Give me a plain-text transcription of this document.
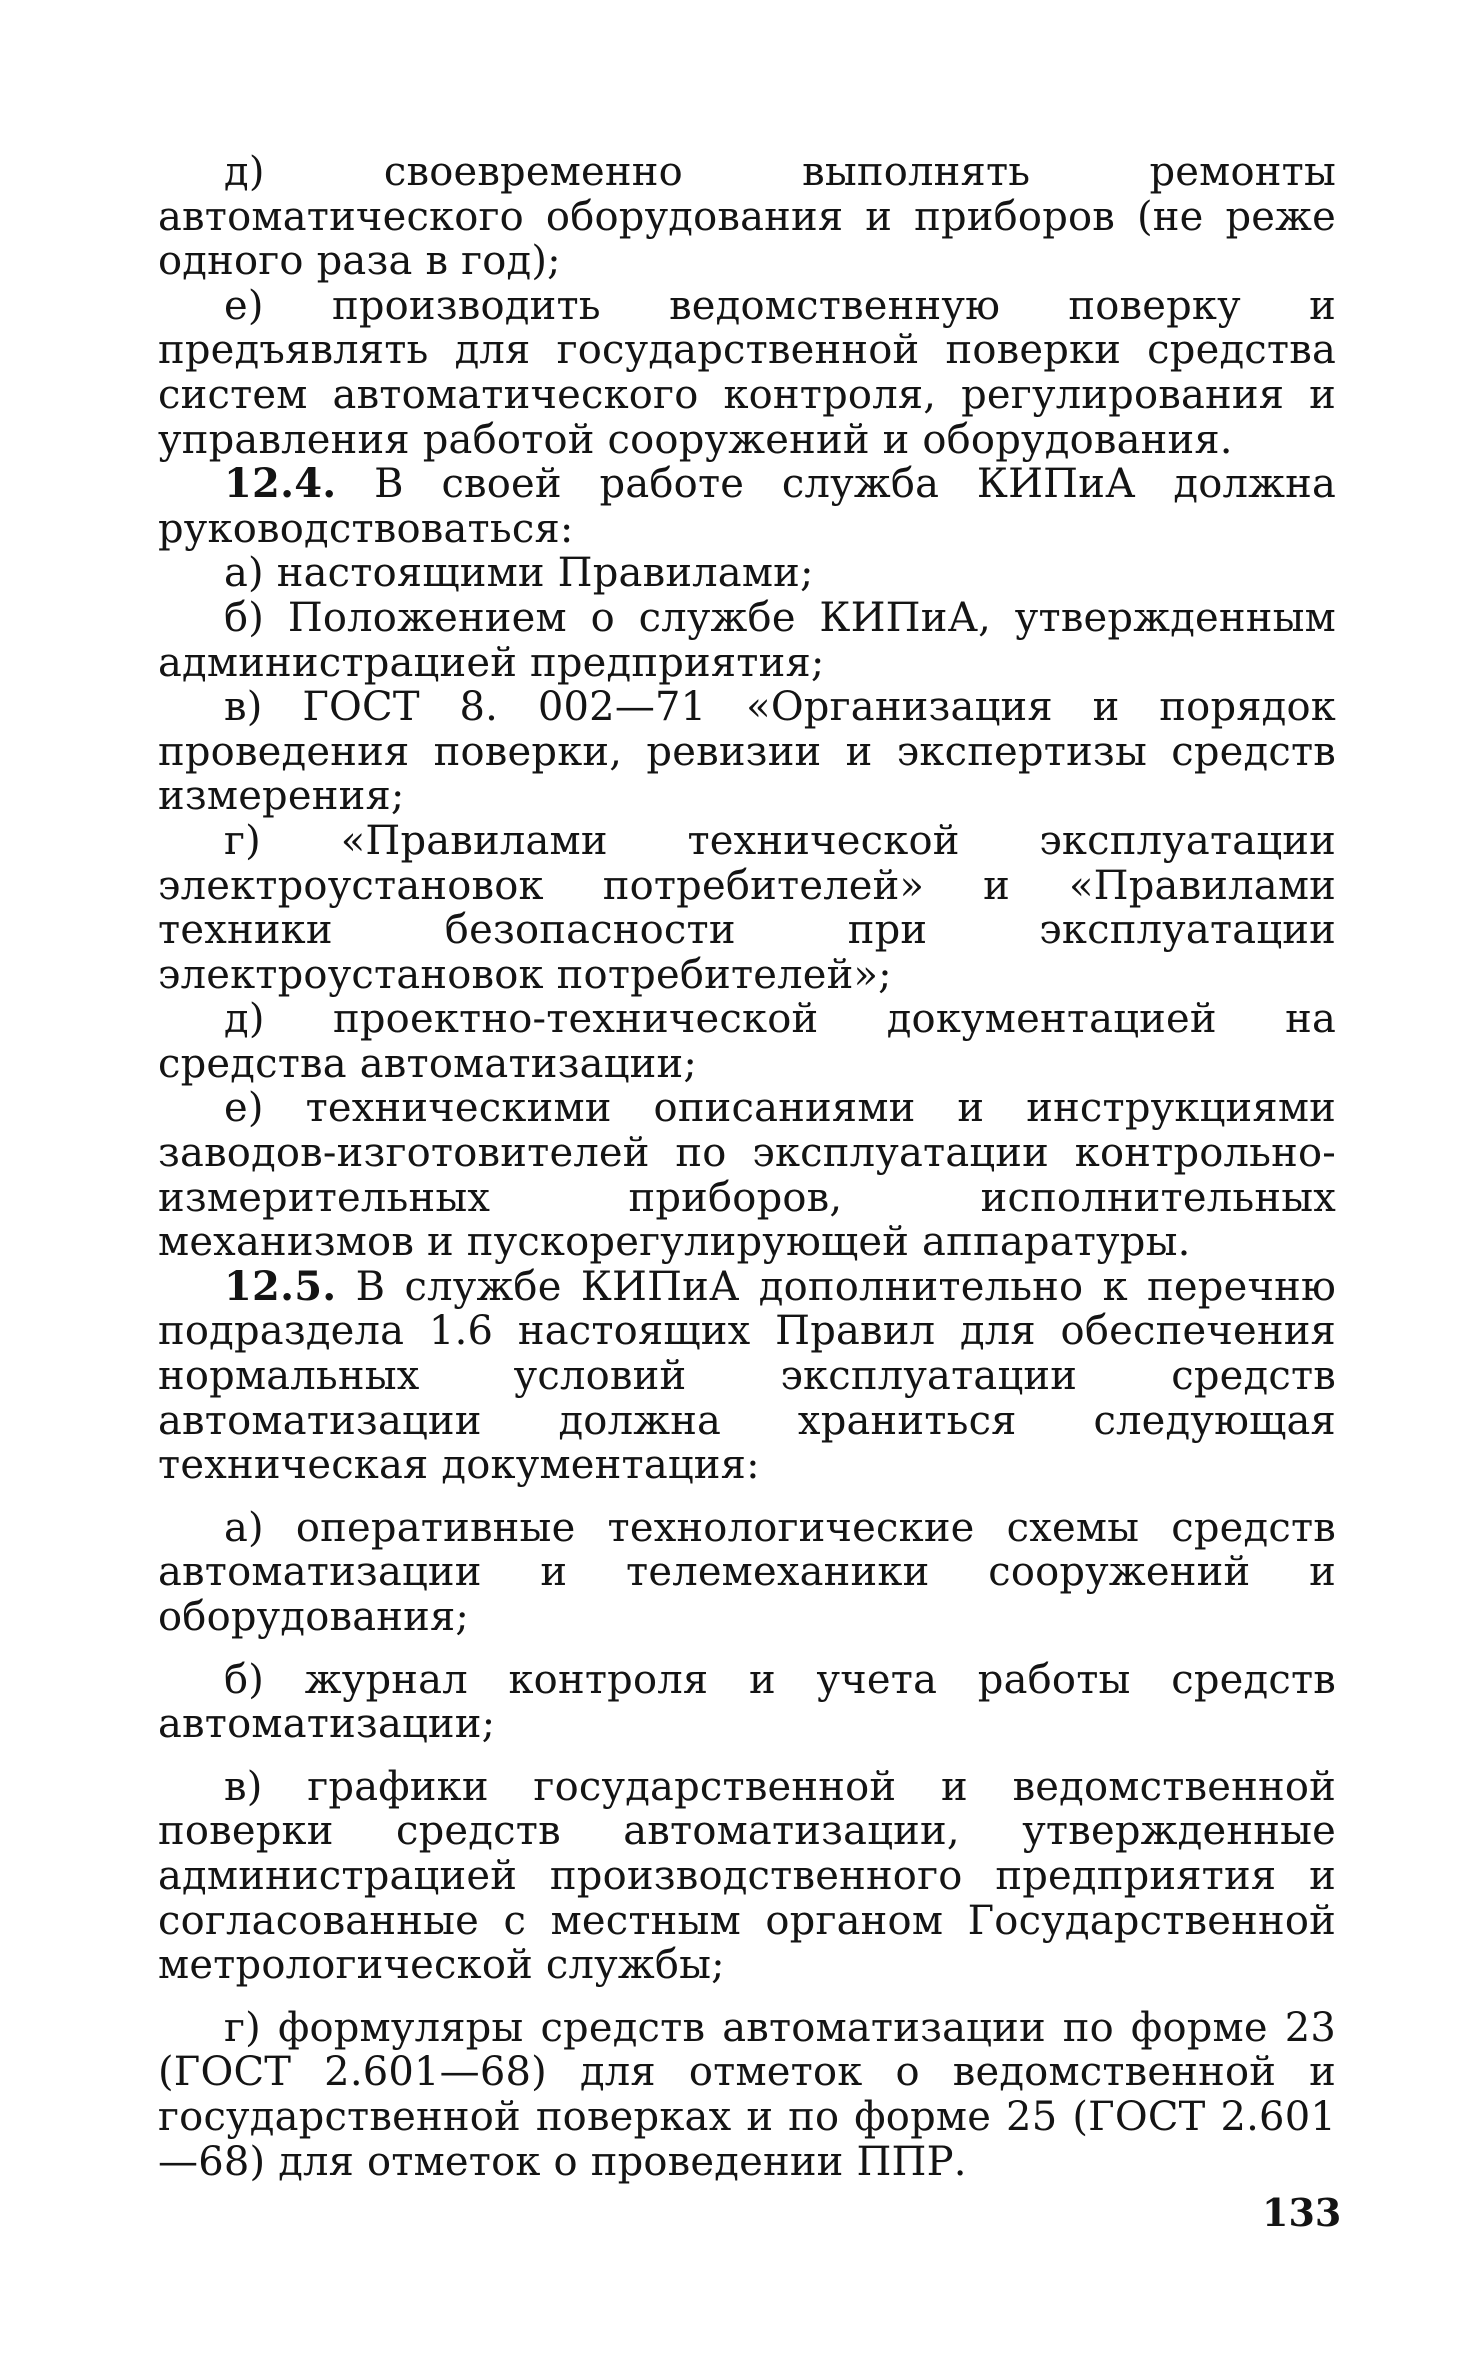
д) своевременно выполнять ремонты автоматического оборудования и приборов (не реже одного раза в год);

е) производить ведомственную поверку и предъявлять для государственной поверки средства систем автоматического контроля, регулирования и управления работой сооружений и оборудования.

12.4. В своей работе служба КИПиА должна руководствоваться:

а) настоящими Правилами;

б) Положением о службе КИПиА, утвержденным администрацией предприятия;

в) ГОСТ 8. 002—71 «Организация и порядок проведения поверки, ревизии и экспертизы средств измерения;

г) «Правилами технической эксплуатации электроустановок потребителей» и «Правилами техники безопасности при эксплуатации электроустановок потребителей»;

д) проектно-технической документацией на средства автоматизации;

е) техническими описаниями и инструкциями заводов-изготовителей по эксплуатации контрольно-измерительных приборов, исполнительных механизмов и пускорегулирующей аппаратуры.

12.5. В службе КИПиА дополнительно к перечню подраздела 1.6 настоящих Правил для обеспечения нормальных условий эксплуатации средств автоматизации должна храниться следующая техническая документация:

а) оперативные технологические схемы средств автоматизации и телемеханики сооружений и оборудования;

б) журнал контроля и учета работы средств автоматизации;

в) графики государственной и ведомственной поверки средств автоматизации, утвержденные администрацией производственного предприятия и согласованные с местным органом Государственной метрологической службы;

г) формуляры средств автоматизации по форме 23 (ГОСТ 2.601—68) для отметок о ведомственной и государственной поверках и по форме 25 (ГОСТ 2.601—68) для отметок о проведении ППР.

133
